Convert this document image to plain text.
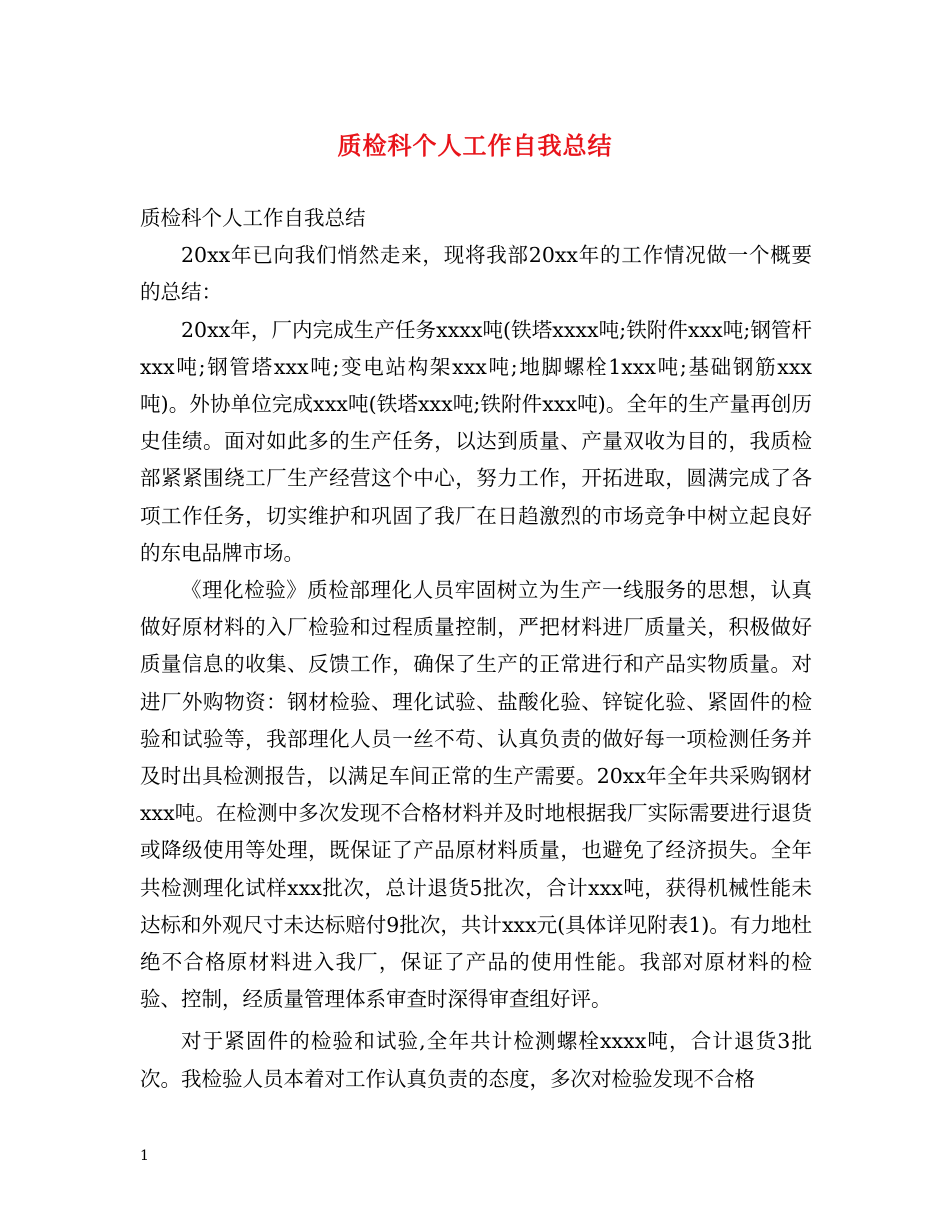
质检科个人工作自我总结

质检科个人工作自我总结

20xx年已向我们悄然走来，现将我部20xx年的工作情况做一个概要的总结：

20xx年，厂内完成生产任务xxxx吨(铁塔xxxx吨;铁附件xxx吨;钢管杆xxx吨;钢管塔xxx吨;变电站构架xxx吨;地脚螺栓1xxx吨;基础钢筋xxx吨)。外协单位完成xxx吨(铁塔xxx吨;铁附件xxx吨)。全年的生产量再创历史佳绩。面对如此多的生产任务，以达到质量、产量双收为目的，我质检部紧紧围绕工厂生产经营这个中心，努力工作，开拓进取，圆满完成了各项工作任务，切实维护和巩固了我厂在日趋激烈的市场竞争中树立起良好的东电品牌市场。

《理化检验》质检部理化人员牢固树立为生产一线服务的思想，认真做好原材料的入厂检验和过程质量控制，严把材料进厂质量关，积极做好质量信息的收集、反馈工作，确保了生产的正常进行和产品实物质量。对进厂外购物资：钢材检验、理化试验、盐酸化验、锌锭化验、紧固件的检验和试验等，我部理化人员一丝不苟、认真负责的做好每一项检测任务并及时出具检测报告，以满足车间正常的生产需要。20xx年全年共采购钢材xxx吨。在检测中多次发现不合格材料并及时地根据我厂实际需要进行退货或降级使用等处理，既保证了产品原材料质量，也避免了经济损失。全年共检测理化试样xxx批次，总计退货5批次，合计xxx吨，获得机械性能未达标和外观尺寸未达标赔付9批次，共计xxx元(具体详见附表1)。有力地杜绝不合格原材料进入我厂，保证了产品的使用性能。我部对原材料的检验、控制，经质量管理体系审查时深得审查组好评。

对于紧固件的检验和试验,全年共计检测螺栓xxxx吨，合计退货3批次。我检验人员本着对工作认真负责的态度，多次对检验发现不合格

1
